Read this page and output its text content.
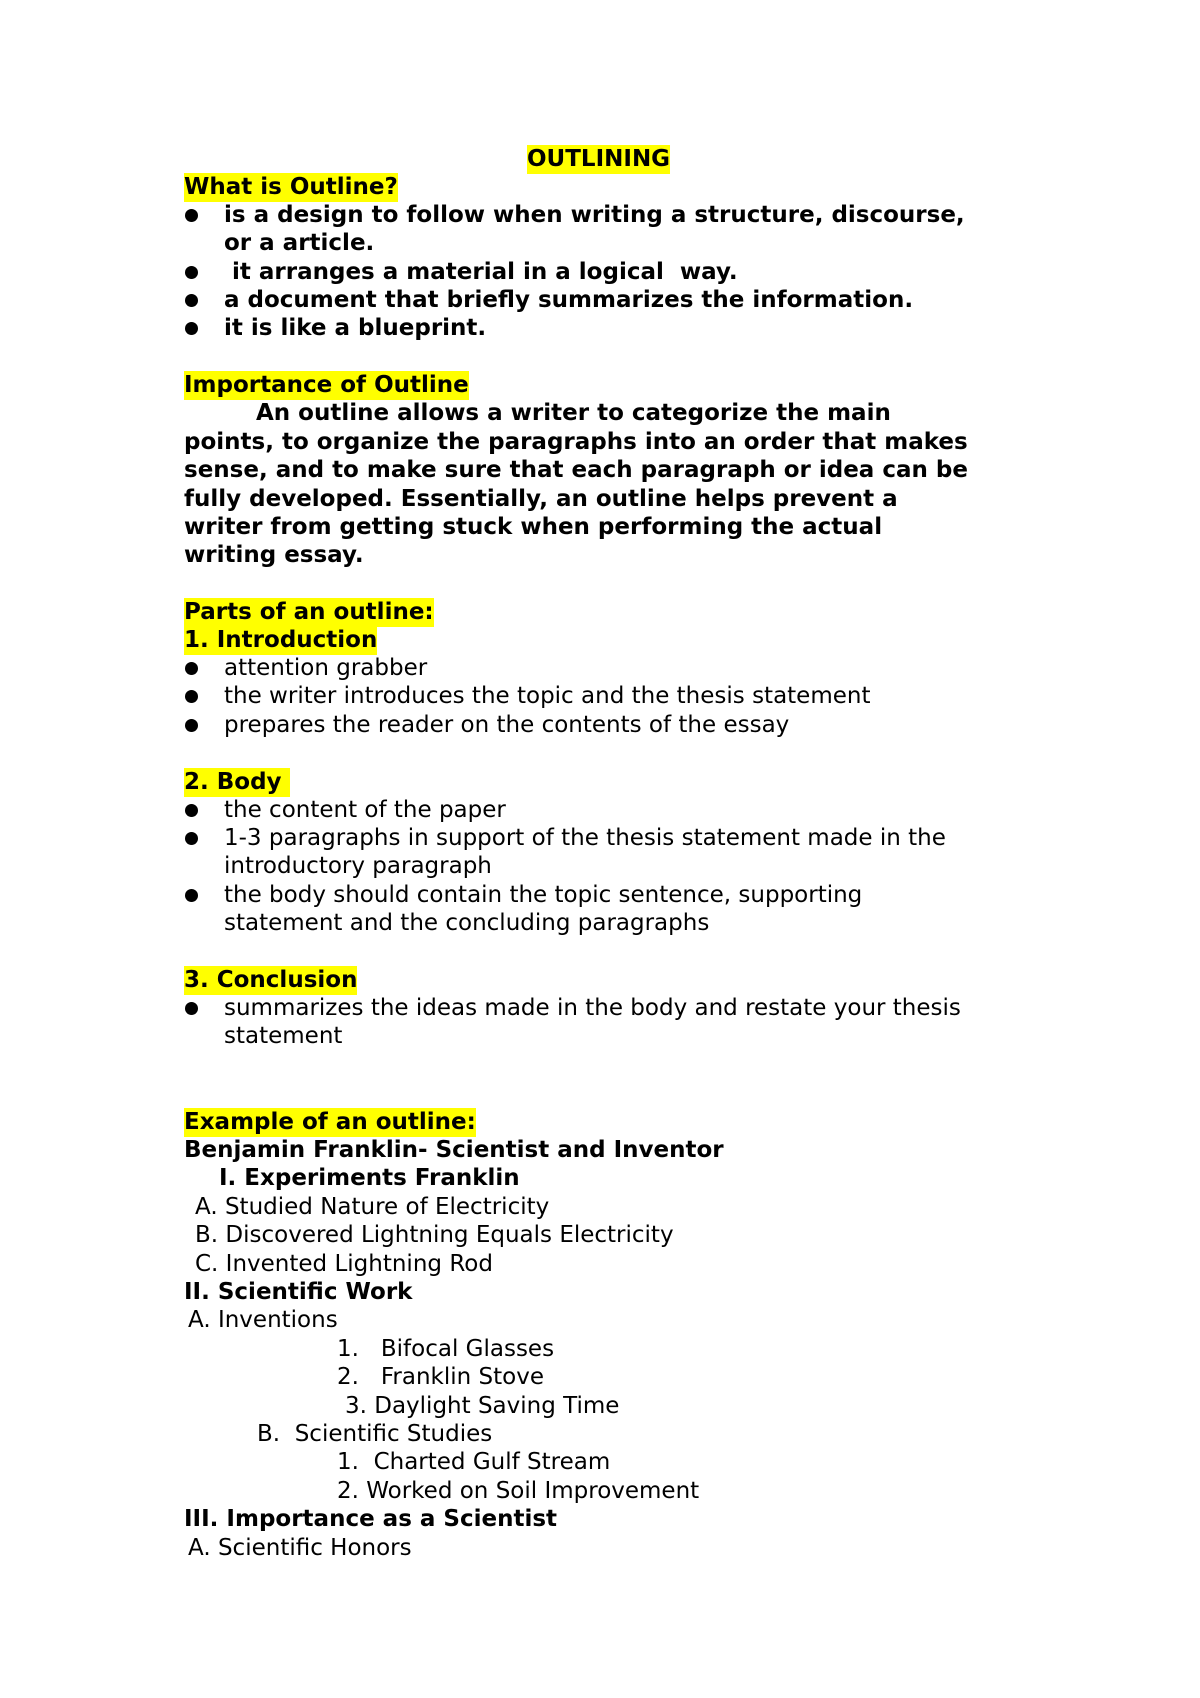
OUTLINING
What is Outline?
is a design to follow when writing a structure, discourse,
or a article.
it arranges a material in a logical  way.
a document that briefly summarizes the information.
it is like a blueprint.
Importance of Outline
An outline allows a writer to categorize the main
points, to organize the paragraphs into an order that makes
sense, and to make sure that each paragraph or idea can be
fully developed. Essentially, an outline helps prevent a
writer from getting stuck when performing the actual
writing essay.
Parts of an outline:
1. Introduction
attention grabber
the writer introduces the topic and the thesis statement
prepares the reader on the contents of the essay
2. Body
the content of the paper
1-3 paragraphs in support of the thesis statement made in the
introductory paragraph
the body should contain the topic sentence, supporting
statement and the concluding paragraphs
3. Conclusion
summarizes the ideas made in the body and restate your thesis
statement
Example of an outline:
Benjamin Franklin- Scientist and Inventor
I. Experiments Franklin
A. Studied Nature of Electricity
B. Discovered Lightning Equals Electricity
C. Invented Lightning Rod
II. Scientific Work
A. Inventions
1.   Bifocal Glasses
2.   Franklin Stove
3. Daylight Saving Time
B.  Scientific Studies
1.  Charted Gulf Stream
2. Worked on Soil Improvement
III. Importance as a Scientist
A. Scientific Honors
